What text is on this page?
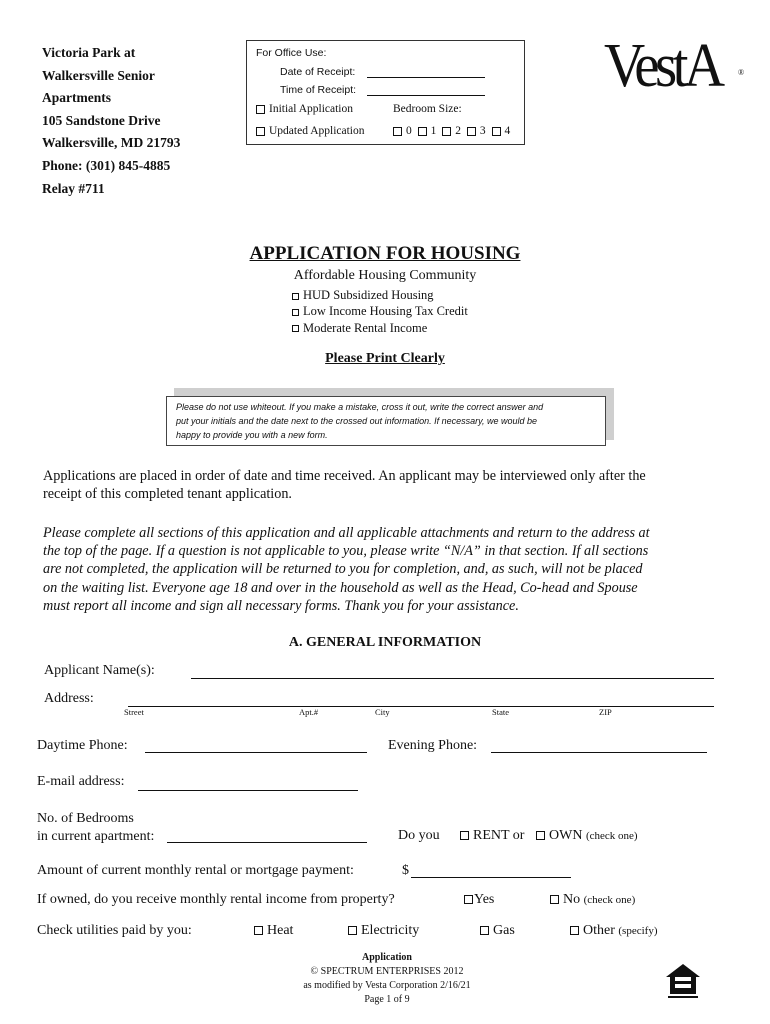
Victoria Park at
Walkersville Senior
Apartments
105 Sandstone Drive
Walkersville, MD 21793
Phone: (301) 845-4885
Relay #711
For Office Use:
Date of Receipt:
Time of Receipt:
Initial Application	Bedroom Size:
Updated Application	0 1 2 3 4
VestA ®
APPLICATION FOR HOUSING
Affordable Housing Community
HUD Subsidized Housing
Low Income Housing Tax Credit
Moderate Rental Income
Please Print Clearly
Please do not use whiteout. If you make a mistake, cross it out, write the correct answer and
put your initials and the date next to the crossed out information. If necessary, we would be
happy to provide you with a new form.
Applications are placed in order of date and time received. An applicant may be interviewed only after the
receipt of this completed tenant application.
Please complete all sections of this application and all applicable attachments and return to the address at
the top of the page. If a question is not applicable to you, please write “N/A” in that section. If all sections
are not completed, the application will be returned to you for completion, and, as such, will not be placed
on the waiting list. Everyone age 18 and over in the household as well as the Head, Co-head and Spouse
must report all income and sign all necessary forms. Thank you for your assistance.
A. GENERAL INFORMATION
Applicant Name(s):
Address:
Street	Apt.#	City	State	ZIP
Daytime Phone:	Evening Phone:
E-mail address:
No. of Bedrooms
in current apartment:	Do you	RENT or	OWN (check one)
Amount of current monthly rental or mortgage payment:	$
If owned, do you receive monthly rental income from property?	Yes	No (check one)
Check utilities paid by you:	Heat	Electricity	Gas	Other (specify)
Application
© SPECTRUM ENTERPRISES 2012
as modified by Vesta Corporation 2/16/21
Page 1 of 9
